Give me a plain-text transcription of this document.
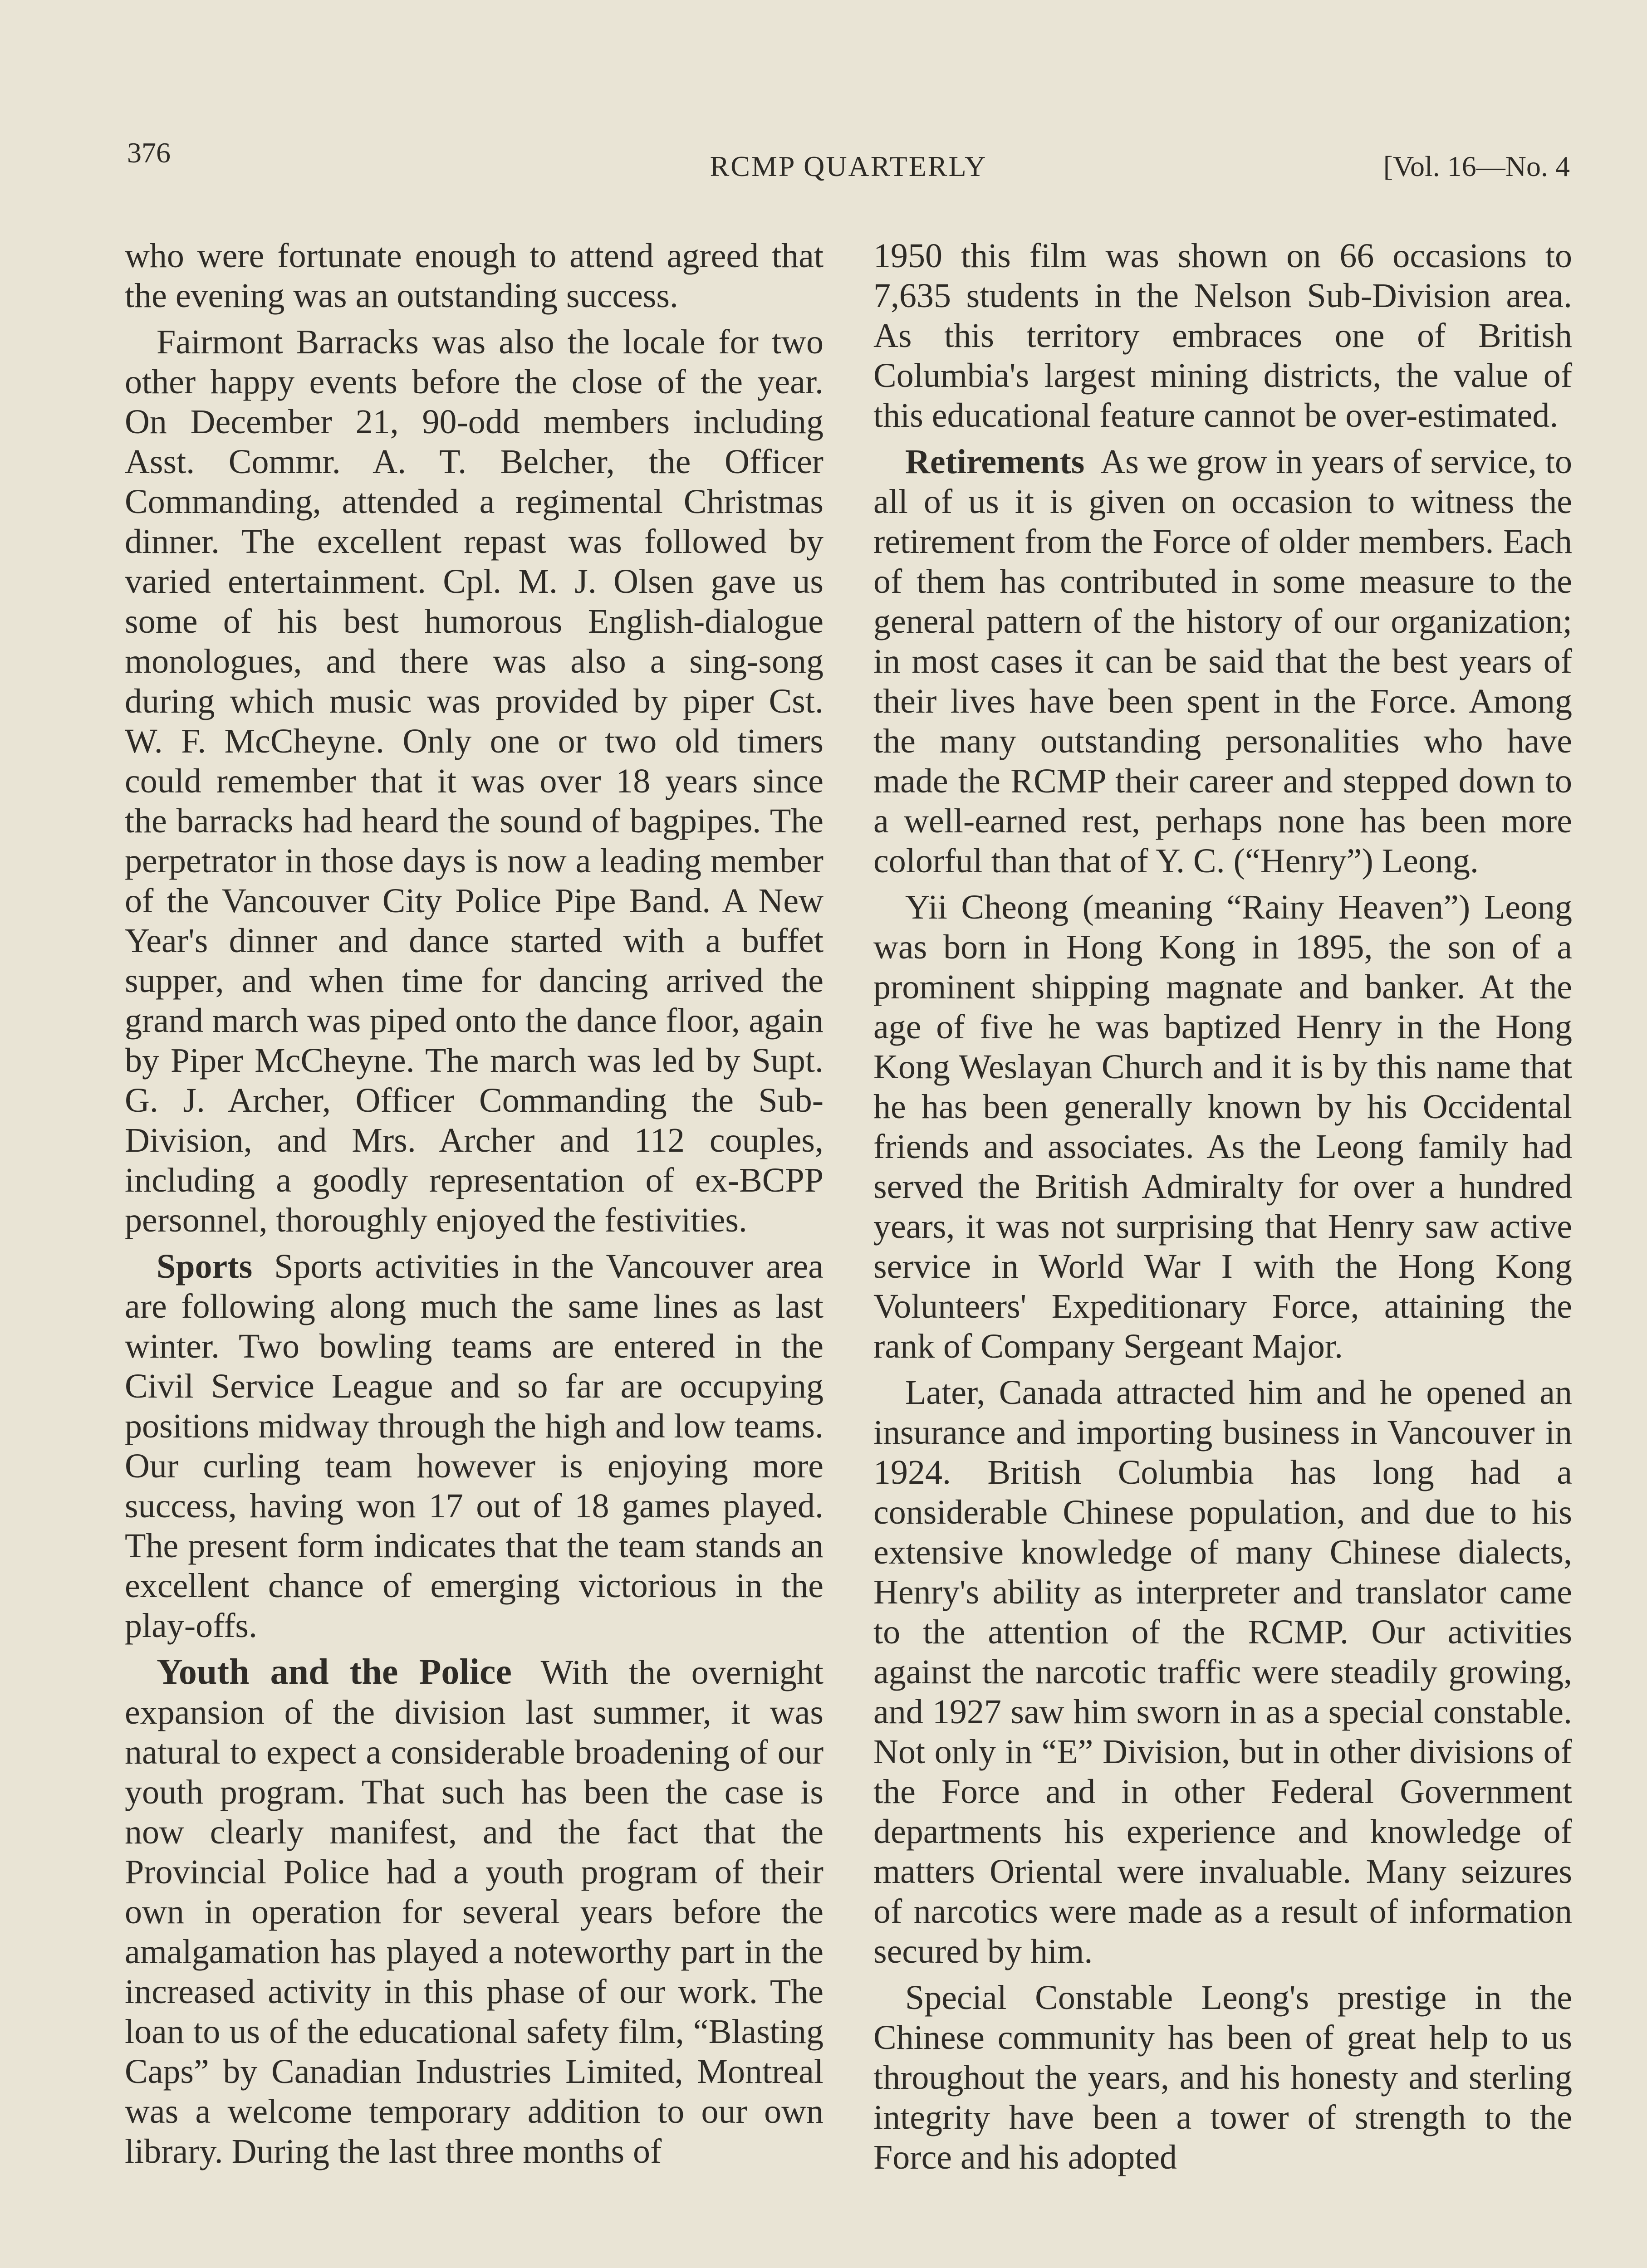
376	RCMP QUARTERLY	[Vol. 16—No. 4

who were fortunate enough to attend agreed that the evening was an outstanding success.

Fairmont Barracks was also the locale for two other happy events before the close of the year. On December 21, 90-odd members including Asst. Commr. A. T. Belcher, the Officer Commanding, attended a regimental Christmas dinner. The excellent repast was followed by varied entertainment. Cpl. M. J. Olsen gave us some of his best humorous English-dialogue monologues, and there was also a sing-song during which music was provided by piper Cst. W. F. McCheyne. Only one or two old timers could remember that it was over 18 years since the barracks had heard the sound of bagpipes. The perpetrator in those days is now a leading member of the Vancouver City Police Pipe Band. A New Year's dinner and dance started with a buffet supper, and when time for dancing arrived the grand march was piped onto the dance floor, again by Piper McCheyne. The march was led by Supt. G. J. Archer, Officer Commanding the Sub-Division, and Mrs. Archer and 112 couples, including a goodly representation of ex-BCPP personnel, thoroughly enjoyed the festivities.

Sports Sports activities in the Vancouver area are following along much the same lines as last winter. Two bowling teams are entered in the Civil Service League and so far are occupying positions midway through the high and low teams. Our curling team however is enjoying more success, having won 17 out of 18 games played. The present form indicates that the team stands an excellent chance of emerging victorious in the play-offs.

Youth and the Police With the overnight expansion of the division last summer, it was natural to expect a considerable broadening of our youth program. That such has been the case is now clearly manifest, and the fact that the Provincial Police had a youth program of their own in operation for several years before the amalgamation has played a noteworthy part in the increased activity in this phase of our work. The loan to us of the educational safety film, “Blasting Caps” by Canadian Industries Limited, Montreal was a welcome temporary addition to our own library. During the last three months of

1950 this film was shown on 66 occasions to 7,635 students in the Nelson Sub-Division area. As this territory embraces one of British Columbia's largest mining districts, the value of this educational feature cannot be over-estimated.

Retirements As we grow in years of service, to all of us it is given on occasion to witness the retirement from the Force of older members. Each of them has contributed in some measure to the general pattern of the history of our organization; in most cases it can be said that the best years of their lives have been spent in the Force. Among the many outstanding personalities who have made the RCMP their career and stepped down to a well-earned rest, perhaps none has been more colorful than that of Y. C. (“Henry”) Leong.

Yii Cheong (meaning “Rainy Heaven”) Leong was born in Hong Kong in 1895, the son of a prominent shipping magnate and banker. At the age of five he was baptized Henry in the Hong Kong Weslayan Church and it is by this name that he has been generally known by his Occidental friends and associates. As the Leong family had served the British Admiralty for over a hundred years, it was not surprising that Henry saw active service in World War I with the Hong Kong Volunteers' Expeditionary Force, attaining the rank of Company Sergeant Major.

Later, Canada attracted him and he opened an insurance and importing business in Vancouver in 1924. British Columbia has long had a considerable Chinese population, and due to his extensive knowledge of many Chinese dialects, Henry's ability as interpreter and translator came to the attention of the RCMP. Our activities against the narcotic traffic were steadily growing, and 1927 saw him sworn in as a special constable. Not only in “E” Division, but in other divisions of the Force and in other Federal Government departments his experience and knowledge of matters Oriental were invaluable. Many seizures of narcotics were made as a result of information secured by him.

Special Constable Leong's prestige in the Chinese community has been of great help to us throughout the years, and his honesty and sterling integrity have been a tower of strength to the Force and his adopted
